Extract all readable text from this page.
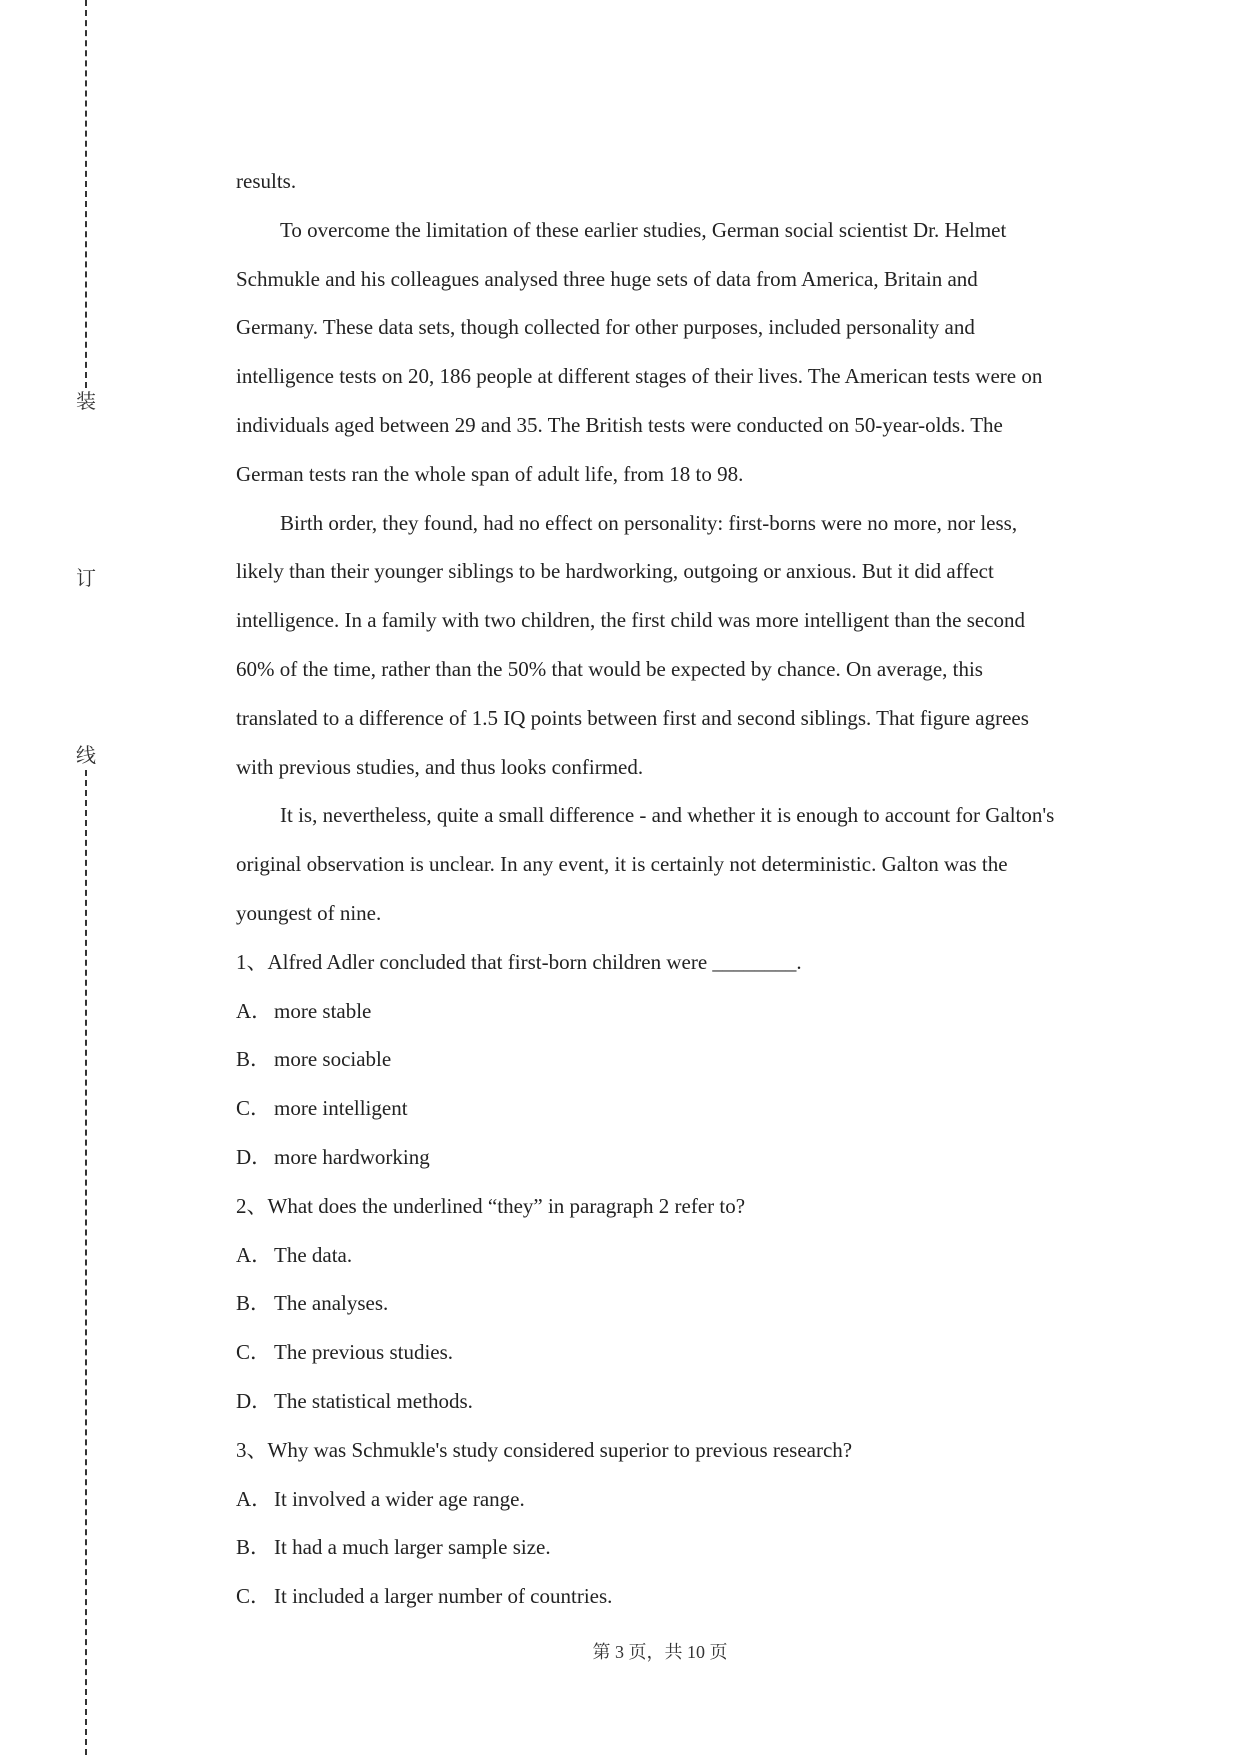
装
订
线

results.

To overcome the limitation of these earlier studies, German social scientist Dr. Helmet

Schmukle and his colleagues analysed three huge sets of data from America, Britain and

Germany. These data sets, though collected for other purposes, included personality and

intelligence tests on 20, 186 people at different stages of their lives. The American tests were on

individuals aged between 29 and 35. The British tests were conducted on 50-year-olds. The

German tests ran the whole span of adult life, from 18 to 98.

Birth order, they found, had no effect on personality: first-borns were no more, nor less,

likely than their younger siblings to be hardworking, outgoing or anxious. But it did affect

intelligence. In a family with two children, the first child was more intelligent than the second

60% of the time, rather than the 50% that would be expected by chance. On average, this

translated to a difference of 1.5 IQ points between first and second siblings. That figure agrees

with previous studies, and thus looks confirmed.

It is, nevertheless, quite a small difference - and whether it is enough to account for Galton's

original observation is unclear. In any event, it is certainly not deterministic. Galton was the

youngest of nine.

1、Alfred Adler concluded that first-born children were ________.

A．more stable

B． more sociable

C． more intelligent

D．more hardworking

2、What does the underlined “they” in paragraph 2 refer to?

A．The data.

B． The analyses.

C． The previous studies.

D．The statistical methods.

3、Why was Schmukle's study considered superior to previous research?

A．It involved a wider age range.

B． It had a much larger sample size.

C． It included a larger number of countries.

第 3 页，共 10 页
